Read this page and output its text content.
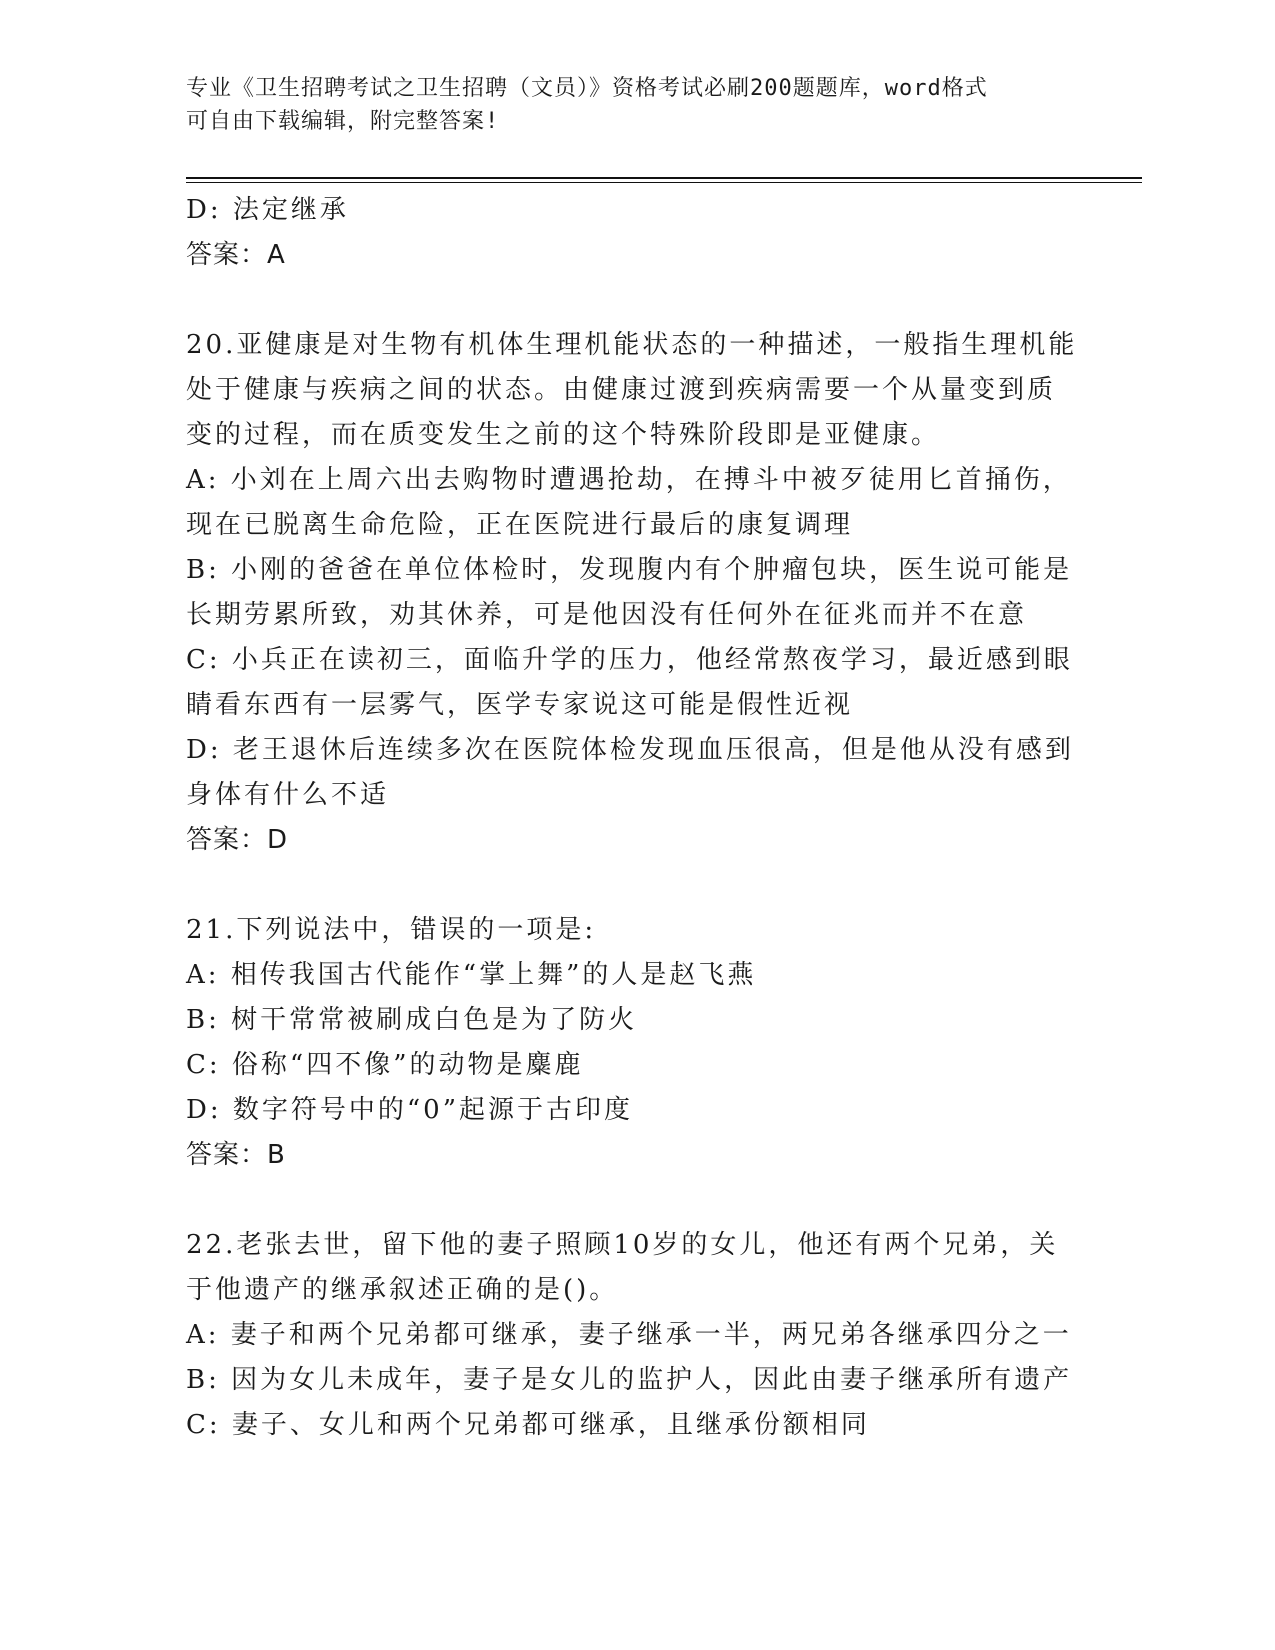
专业《卫生招聘考试之卫生招聘（文员）》资格考试必刷200题题库，word格式
可自由下载编辑，附完整答案!
D: 法定继承
答案：A
20.亚健康是对生物有机体生理机能状态的一种描述，一般指生理机能
处于健康与疾病之间的状态。由健康过渡到疾病需要一个从量变到质
变的过程，而在质变发生之前的这个特殊阶段即是亚健康。
A: 小刘在上周六出去购物时遭遇抢劫，在搏斗中被歹徒用匕首捅伤，
现在已脱离生命危险，正在医院进行最后的康复调理
B: 小刚的爸爸在单位体检时，发现腹内有个肿瘤包块，医生说可能是
长期劳累所致，劝其休养，可是他因没有任何外在征兆而并不在意
C: 小兵正在读初三，面临升学的压力，他经常熬夜学习，最近感到眼
睛看东西有一层雾气，医学专家说这可能是假性近视
D: 老王退休后连续多次在医院体检发现血压很高，但是他从没有感到
身体有什么不适
答案：D
21.下列说法中，错误的一项是:
A: 相传我国古代能作“掌上舞”的人是赵飞燕
B: 树干常常被刷成白色是为了防火
C: 俗称“四不像”的动物是麋鹿
D: 数字符号中的“0”起源于古印度
答案：B
22.老张去世，留下他的妻子照顾10岁的女儿，他还有两个兄弟，关
于他遗产的继承叙述正确的是()。
A: 妻子和两个兄弟都可继承，妻子继承一半，两兄弟各继承四分之一
B: 因为女儿未成年，妻子是女儿的监护人，因此由妻子继承所有遗产
C: 妻子、女儿和两个兄弟都可继承，且继承份额相同
